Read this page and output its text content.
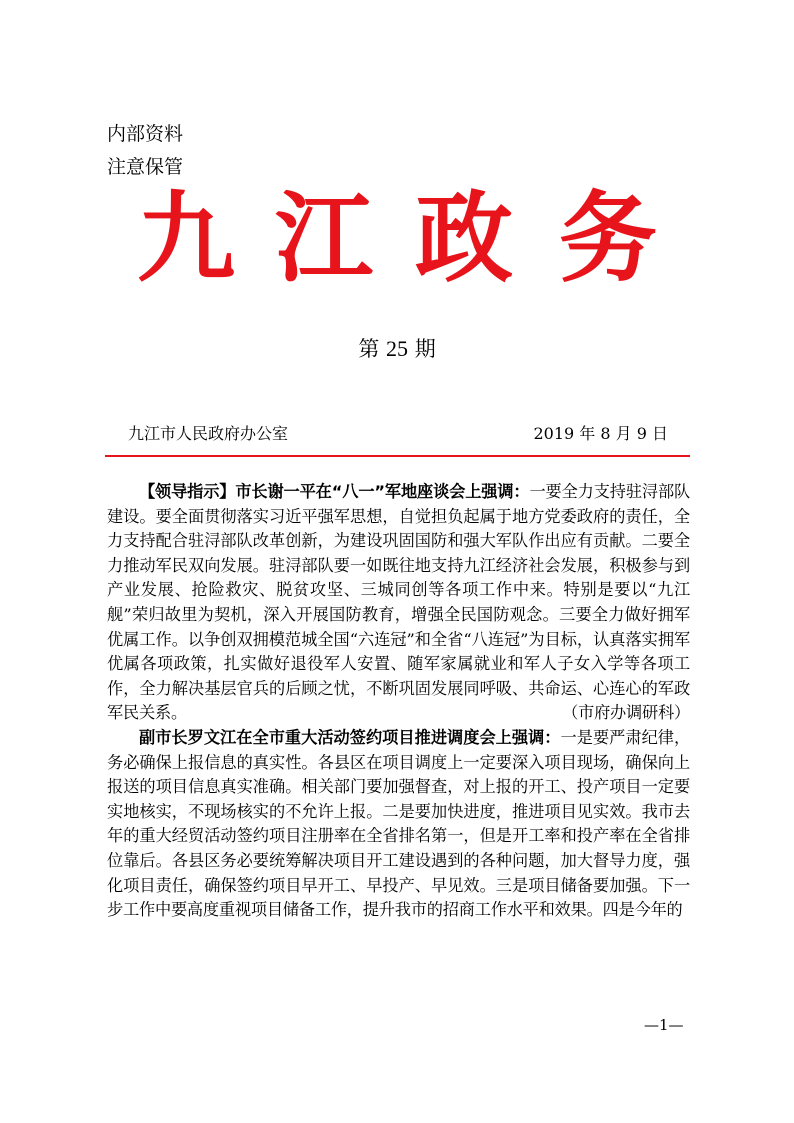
内部资料
注意保管
九 江 政 务
第 25 期
九江市人民政府办公室	2019 年 8 月 9 日

【领导指示】市长谢一平在“八一”军地座谈会上强调：一要全力支持驻浔部队建设。要全面贯彻落实习近平强军思想，自觉担负起属于地方党委政府的责任，全力支持配合驻浔部队改革创新，为建设巩固国防和强大军队作出应有贡献。二要全力推动军民双向发展。驻浔部队要一如既往地支持九江经济社会发展，积极参与到产业发展、抢险救灾、脱贫攻坚、三城同创等各项工作中来。特别是要以“九江舰”荣归故里为契机，深入开展国防教育，增强全民国防观念。三要全力做好拥军优属工作。以争创双拥模范城全国“六连冠”和全省“八连冠”为目标，认真落实拥军优属各项政策，扎实做好退役军人安置、随军家属就业和军人子女入学等各项工作，全力解决基层官兵的后顾之忧，不断巩固发展同呼吸、共命运、心连心的军政军民关系。	（市府办调研科）

副市长罗文江在全市重大活动签约项目推进调度会上强调：一是要严肃纪律，务必确保上报信息的真实性。各县区在项目调度上一定要深入项目现场，确保向上报送的项目信息真实准确。相关部门要加强督查，对上报的开工、投产项目一定要实地核实，不现场核实的不允许上报。二是要加快进度，推进项目见实效。我市去年的重大经贸活动签约项目注册率在全省排名第一，但是开工率和投产率在全省排位靠后。各县区务必要统筹解决项目开工建设遇到的各种问题，加大督导力度，强化项目责任，确保签约项目早开工、早投产、早见效。三是项目储备要加强。下一步工作中要高度重视项目储备工作，提升我市的招商工作水平和效果。四是今年的

—1—
